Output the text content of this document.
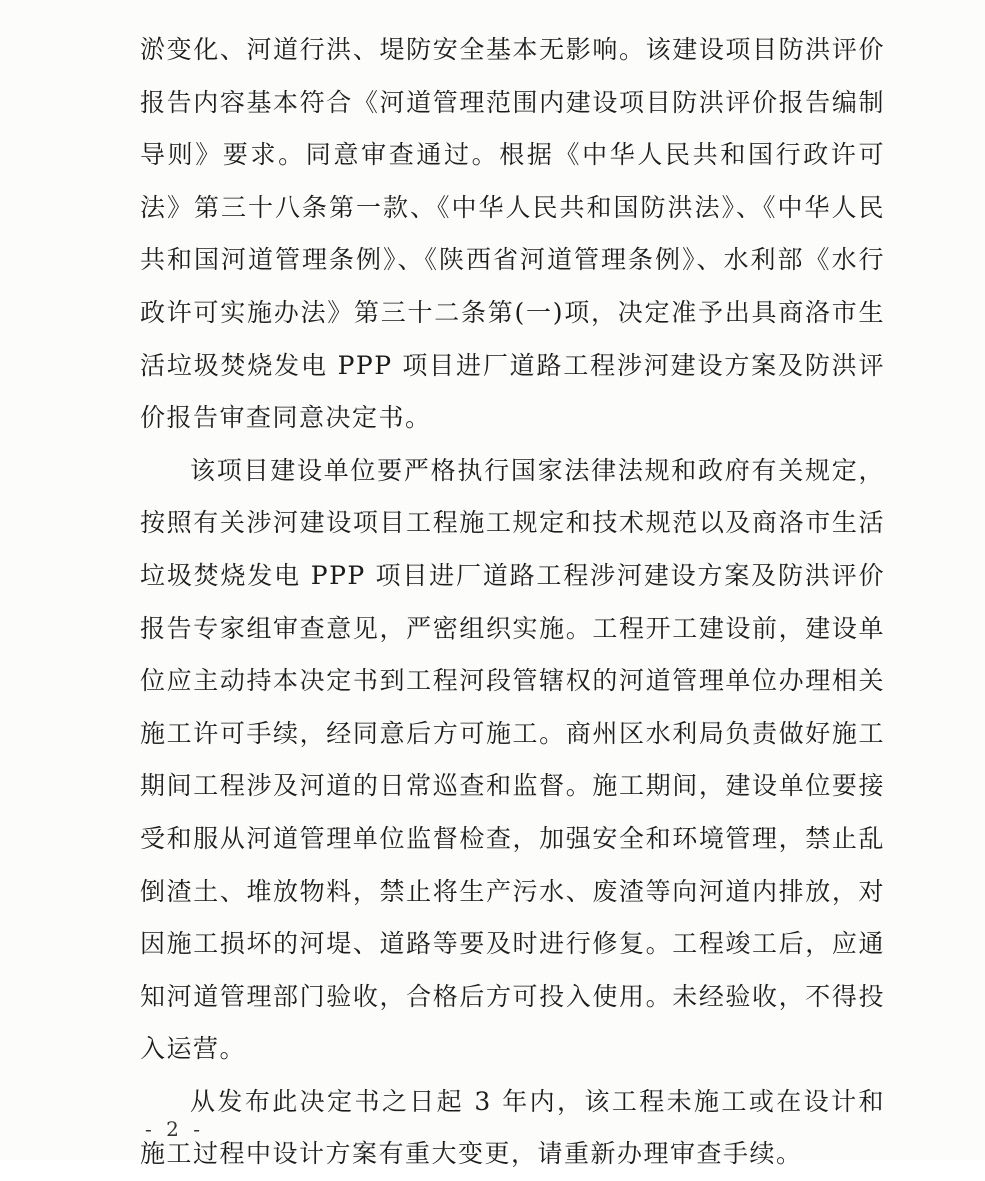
淤变化、河道行洪、堤防安全基本无影响。该建设项目防洪评价报告内容基本符合《河道管理范围内建设项目防洪评价报告编制导则》要求。同意审查通过。根据《中华人民共和国行政许可法》第三十八条第一款、《中华人民共和国防洪法》、《中华人民共和国河道管理条例》、《陕西省河道管理条例》、水利部《水行政许可实施办法》第三十二条第(一)项，决定准予出具商洛市生活垃圾焚烧发电 PPP 项目进厂道路工程涉河建设方案及防洪评价报告审查同意决定书。

该项目建设单位要严格执行国家法律法规和政府有关规定，按照有关涉河建设项目工程施工规定和技术规范以及商洛市生活垃圾焚烧发电 PPP 项目进厂道路工程涉河建设方案及防洪评价报告专家组审查意见，严密组织实施。工程开工建设前，建设单位应主动持本决定书到工程河段管辖权的河道管理单位办理相关施工许可手续，经同意后方可施工。商州区水利局负责做好施工期间工程涉及河道的日常巡查和监督。施工期间，建设单位要接受和服从河道管理单位监督检查，加强安全和环境管理，禁止乱倒渣土、堆放物料，禁止将生产污水、废渣等向河道内排放，对因施工损坏的河堤、道路等要及时进行修复。工程竣工后，应通知河道管理部门验收，合格后方可投入使用。未经验收，不得投入运营。

从发布此决定书之日起 3 年内，该工程未施工或在设计和施工过程中设计方案有重大变更，请重新办理审查手续。

- 2 -
